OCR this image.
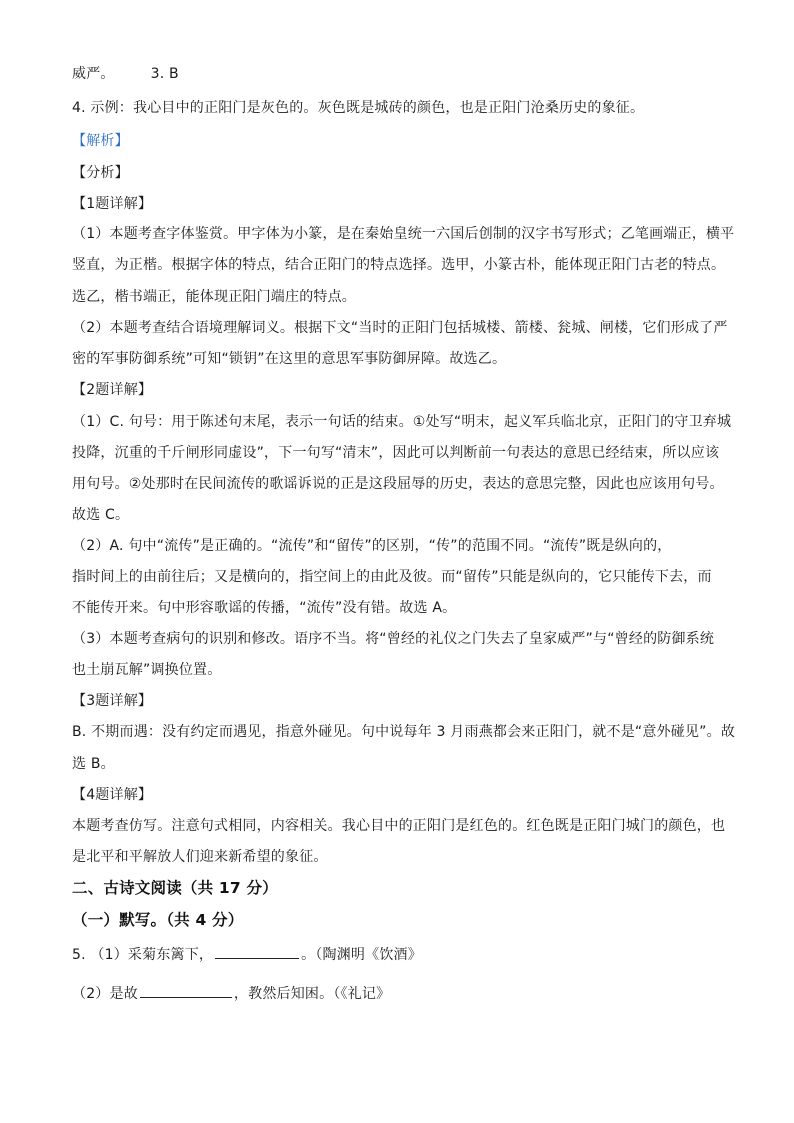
威严。	3. B
4. 示例：我心目中的正阳门是灰色的。灰色既是城砖的颜色，也是正阳门沧桑历史的象征。
【解析】
【分析】
【1题详解】
（1）本题考查字体鉴赏。甲字体为小篆，是在秦始皇统一六国后创制的汉字书写形式；乙笔画端正，横平
竖直，为正楷。根据字体的特点，结合正阳门的特点选择。选甲，小篆古朴，能体现正阳门古老的特点。
选乙，楷书端正，能体现正阳门端庄的特点。
（2）本题考查结合语境理解词义。根据下文“当时的正阳门包括城楼、箭楼、瓮城、闸楼，它们形成了严
密的军事防御系统”可知“锁钥”在这里的意思军事防御屏障。故选乙。
【2题详解】
（1）C. 句号：用于陈述句末尾，表示一句话的结束。①处写“明末，起义军兵临北京，正阳门的守卫弃城
投降，沉重的千斤闸形同虚设”，下一句写“清末”，因此可以判断前一句表达的意思已经结束，所以应该
用句号。②处那时在民间流传的歌谣诉说的正是这段屈辱的历史，表达的意思完整，因此也应该用句号。
故选 C。
（2）A. 句中“流传”是正确的。“流传”和“留传”的区别，“传”的范围不同。“流传”既是纵向的，
指时间上的由前往后；又是横向的，指空间上的由此及彼。而“留传”只能是纵向的，它只能传下去，而
不能传开来。句中形容歌谣的传播，“流传”没有错。故选 A。
（3）本题考查病句的识别和修改。语序不当。将“曾经的礼仪之门失去了皇家威严”与“曾经的防御系统
也土崩瓦解”调换位置。
【3题详解】
B. 不期而遇：没有约定而遇见，指意外碰见。句中说每年 3 月雨燕都会来正阳门，就不是“意外碰见”。故
选 B。
【4题详解】
本题考查仿写。注意句式相同，内容相关。我心目中的正阳门是红色的。红色既是正阳门城门的颜色，也
是北平和平解放人们迎来新希望的象征。
二、古诗文阅读（共 17 分）
（一）默写。（共 4 分）
5. （1）采菊东篱下，	。（陶渊明《饮酒》
（2）是故	，教然后知困。（《礼记》
